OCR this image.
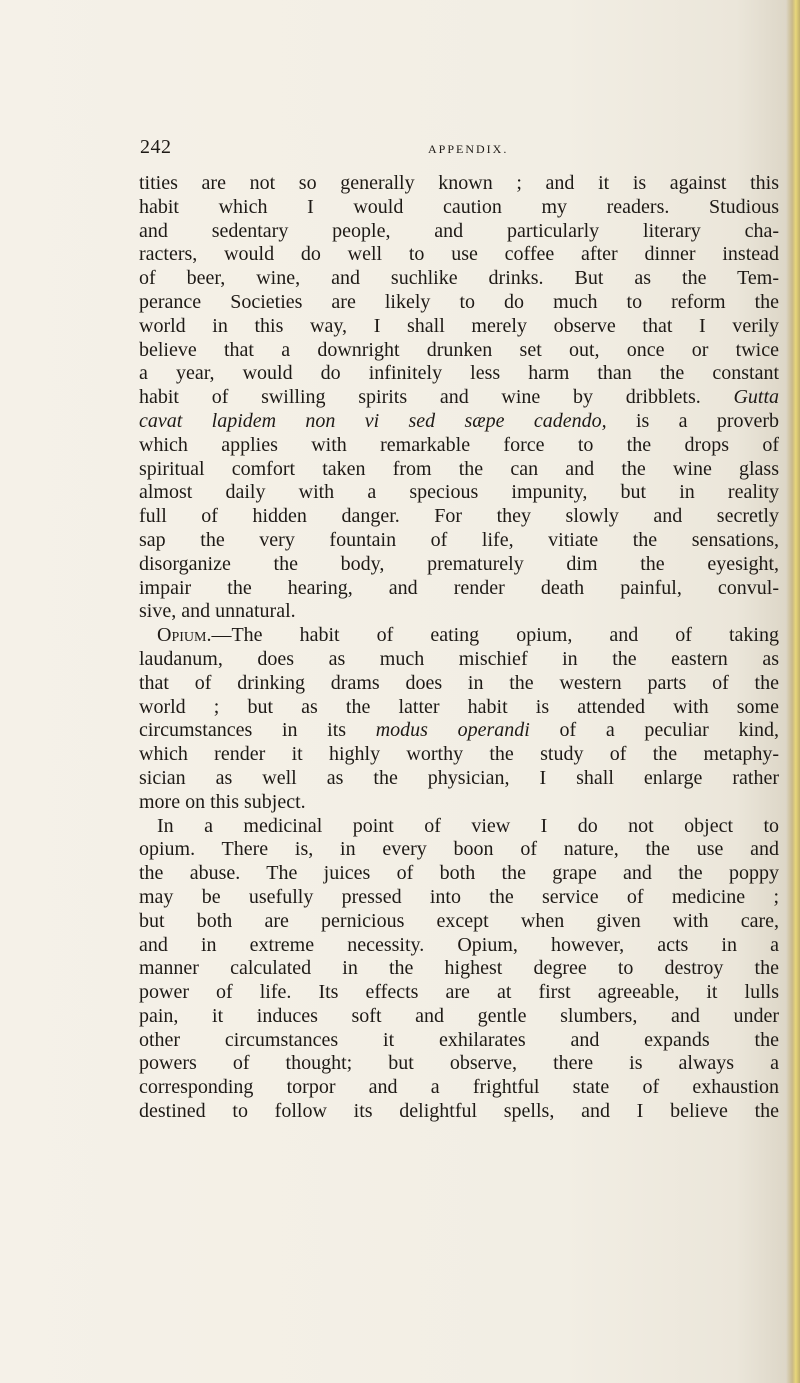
242	APPENDIX.
tities are not so generally known ; and it is against this
habit which I would caution my readers. Studious
and sedentary people, and particularly literary cha-
racters, would do well to use coffee after dinner instead
of beer, wine, and suchlike drinks. But as the Tem-
perance Societies are likely to do much to reform the
world in this way, I shall merely observe that I verily
believe that a downright drunken set out, once or twice
a year, would do infinitely less harm than the constant
habit of swilling spirits and wine by dribblets. Gutta
cavat lapidem non vi sed sæpe cadendo, is a proverb
which applies with remarkable force to the drops of
spiritual comfort taken from the can and the wine glass
almost daily with a specious impunity, but in reality
full of hidden danger. For they slowly and secretly
sap the very fountain of life, vitiate the sensations,
disorganize the body, prematurely dim the eyesight,
impair the hearing, and render death painful, convul-
sive, and unnatural.
Opium.—The habit of eating opium, and of taking
laudanum, does as much mischief in the eastern as
that of drinking drams does in the western parts of the
world ; but as the latter habit is attended with some
circumstances in its modus operandi of a peculiar kind,
which render it highly worthy the study of the metaphy-
sician as well as the physician, I shall enlarge rather
more on this subject.
In a medicinal point of view I do not object to
opium. There is, in every boon of nature, the use and
the abuse. The juices of both the grape and the poppy
may be usefully pressed into the service of medicine ;
but both are pernicious except when given with care,
and in extreme necessity. Opium, however, acts in a
manner calculated in the highest degree to destroy the
power of life. Its effects are at first agreeable, it lulls
pain, it induces soft and gentle slumbers, and under
other circumstances it exhilarates and expands the
powers of thought; but observe, there is always a
corresponding torpor and a frightful state of exhaustion
destined to follow its delightful spells, and I believe the
